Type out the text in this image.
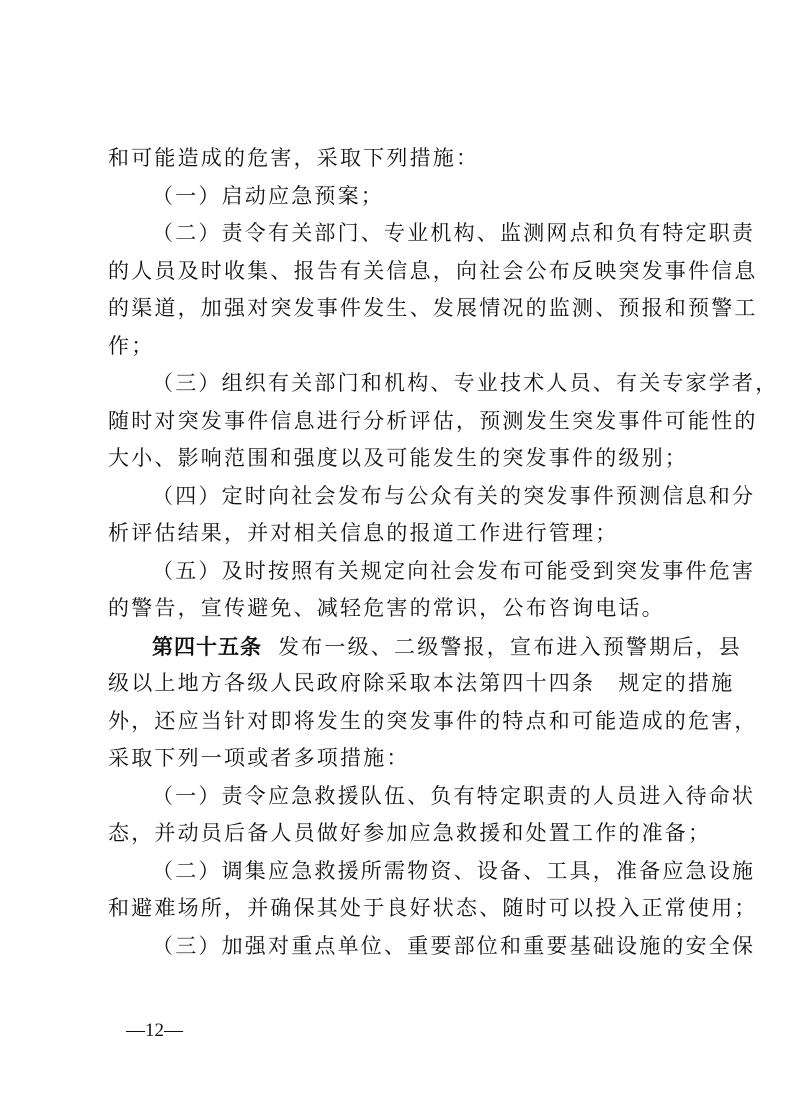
和可能造成的危害，采取下列措施：
（一）启动应急预案；
（二）责令有关部门、专业机构、监测网点和负有特定职责
的人员及时收集、报告有关信息，向社会公布反映突发事件信息
的渠道，加强对突发事件发生、发展情况的监测、预报和预警工
作；
（三）组织有关部门和机构、专业技术人员、有关专家学者，
随时对突发事件信息进行分析评估，预测发生突发事件可能性的
大小、影响范围和强度以及可能发生的突发事件的级别；
（四）定时向社会发布与公众有关的突发事件预测信息和分
析评估结果，并对相关信息的报道工作进行管理；
（五）及时按照有关规定向社会发布可能受到突发事件危害
的警告，宣传避免、减轻危害的常识，公布咨询电话。
第四十五条 发布一级、二级警报，宣布进入预警期后，县
级以上地方各级人民政府除采取本法第四十四条　规定的措施
外，还应当针对即将发生的突发事件的特点和可能造成的危害，
采取下列一项或者多项措施：
（一）责令应急救援队伍、负有特定职责的人员进入待命状
态，并动员后备人员做好参加应急救援和处置工作的准备；
（二）调集应急救援所需物资、设备、工具，准备应急设施
和避难场所，并确保其处于良好状态、随时可以投入正常使用；
（三）加强对重点单位、重要部位和重要基础设施的安全保
—12—
